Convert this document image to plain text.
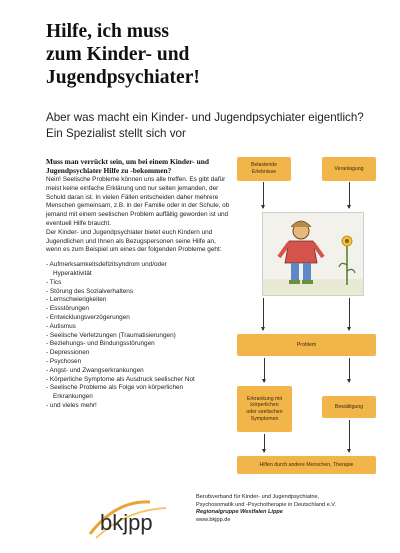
Hilfe, ich muss
zum Kinder- und
Jugendpsychiater!
Aber was macht ein Kinder- und Jugendpsychiater eigentlich?
Ein Spezialist stellt sich vor
Muss man verrückt sein, um bei einem Kinder- und Jugendpsychiater Hilfe zu -bekommen?

Nein! Seelische Probleme können uns alle treffen. Es gibt dafür meist keine einfache Erklärung und nur selten jemanden, der Schuld daran ist. In vielen Fällen entscheiden daher mehrere Menschen gemeinsam, z.B. in der Familie oder in der Schule, ob jemand mit einem seelischen Problem auffällig geworden ist und eventuell Hilfe braucht.

Der Kinder- und Jugendpsychiater bietet euch Kindern und Jugendlichen und Ihnen als Bezugspersonen seine Hilfe an, wenn es zum Beispiel um eines der folgenden Probleme geht:

- Aufmerksamkeitsdefizitsyndrom und/oder
Hyperaktivität
- Tics
- Störung des Sozialverhaltens
- Lernschwierigkeiten
- Essstörungen
- Entwicklungsverzögerungen
- Autismus
- Seelische Verletzungen (Traumatisierungen)
- Beziehungs- und Bindungsstörungen
- Depressionen
- Psychosen
- Angst- und Zwangserkrankungen
- Körperliche Symptome als Ausdruck seelischer Not
- Seelische Probleme als Folge von körperlichen
Erkrankungen
- und vieles mehr!
Belastende
Erlebnisse
Veranlagung
Problem
Erkrankung mit
körperlichen
oder seelischen
Symptomen
Bewältigung
Hilfen durch andere Menschen, Therapie
bkjpp
Berufsverband für Kinder- und Jugendpsychiatrie,
Psychosomatik und -Psychotherapie in Deutschland e.V.
Regionalgruppe Westfalen Lippe
www.bkjpp.de
